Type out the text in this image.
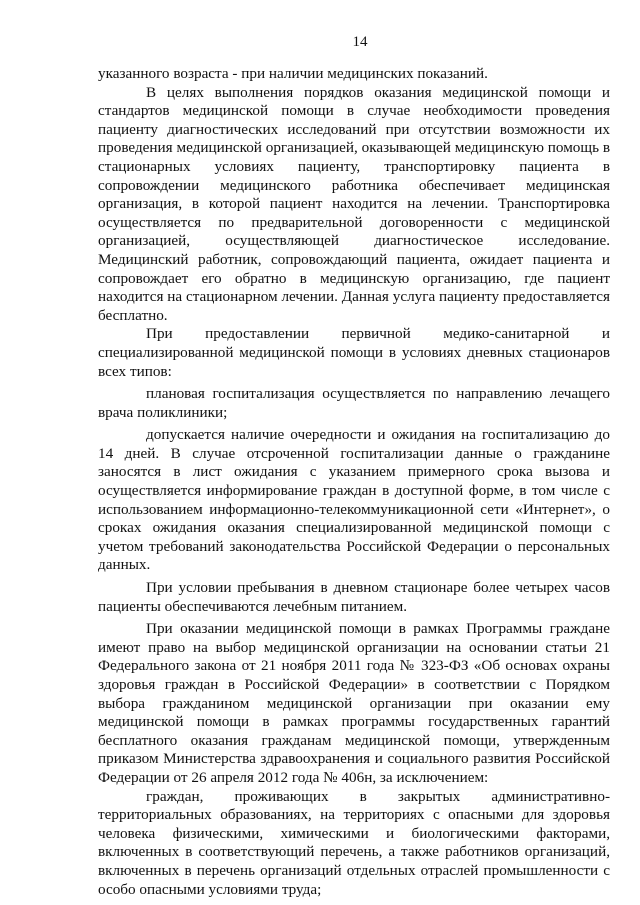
14

указанного возраста - при наличии медицинских показаний.

В целях выполнения порядков оказания медицинской помощи и стандартов медицинской помощи в случае необходимости проведения пациенту диагностических исследований при отсутствии возможности их проведения медицинской организацией, оказывающей медицинскую помощь в стационарных условиях пациенту, транспортировку пациента в сопровождении медицинского работника обеспечивает медицинская организация, в которой пациент находится на лечении. Транспортировка осуществляется по предварительной договоренности с медицинской организацией, осуществляющей диагностическое исследование. Медицинский работник, сопровождающий пациента, ожидает пациента и сопровождает его обратно в медицинскую организацию, где пациент находится на стационарном лечении. Данная услуга пациенту предоставляется бесплатно.

При предоставлении первичной медико-санитарной и специализированной медицинской помощи в условиях дневных стационаров всех типов:

плановая госпитализация осуществляется по направлению лечащего врача поликлиники;

допускается наличие очередности и ожидания на госпитализацию до 14 дней. В случае отсроченной госпитализации данные о гражданине заносятся в лист ожидания с указанием примерного срока вызова и осуществляется информирование граждан в доступной форме, в том числе с использованием информационно-телекоммуникационной сети «Интернет», о сроках ожидания оказания специализированной медицинской помощи с учетом требований законодательства Российской Федерации о персональных данных.

При условии пребывания в дневном стационаре более четырех часов пациенты обеспечиваются лечебным питанием.

При оказании медицинской помощи в рамках Программы граждане имеют право на выбор медицинской организации на основании статьи 21 Федерального закона от 21 ноября 2011 года № 323-ФЗ «Об основах охраны здоровья граждан в Российской Федерации» в соответствии с Порядком выбора гражданином медицинской организации при оказании ему медицинской помощи в рамках программы государственных гарантий бесплатного оказания гражданам медицинской помощи, утвержденным приказом Министерства здравоохранения и социального развития Российской Федерации от 26 апреля 2012 года № 406н, за исключением:

граждан, проживающих в закрытых административно-территориальных образованиях, на территориях с опасными для здоровья человека физическими, химическими и биологическими факторами, включенных в соответствующий перечень, а также работников организаций, включенных в перечень организаций отдельных отраслей промышленности с особо опасными условиями труда;
